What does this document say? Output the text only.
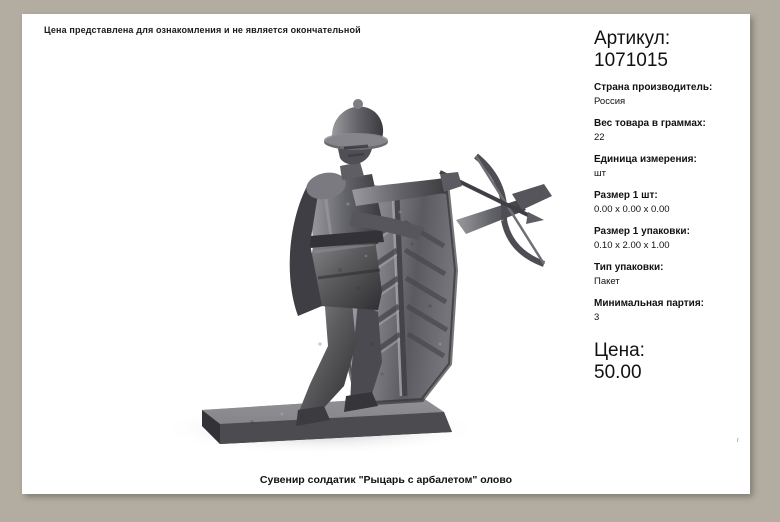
Цена представлена для ознакомления и не является окончательной	Артикул:
1071015
Страна производитель:
Россия
Вес товара в граммах:
22
Единица измерения:
шт
Размер 1 шт:
0.00 x 0.00 x 0.00
Размер 1 упаковки:
0.10 x 2.00 x 1.00
Тип упаковки:
Пакет
Минимальная партия:
3
Цена:
50.00
г
Сувенир солдатик "Рыцарь с арбалетом" олово
